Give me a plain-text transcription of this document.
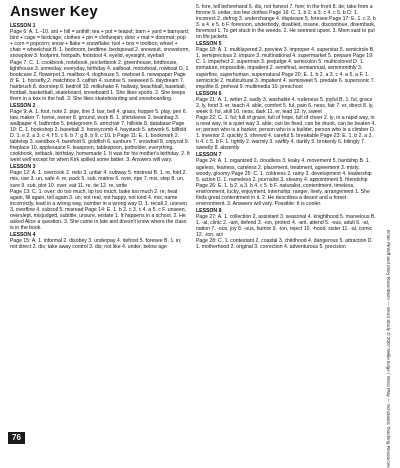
Answer Key
LESSON 1

Page 6: A. 1.–10. ant + hill = anthill; tea + pot = teapot; barn + yard = barnyard; bird + cage = birdcage; clothes + pin = clothespin; door + mat = doormat; pop + corn = popcorn; snow + flake = snowflake; tool + box = toolbox; wheel + chair = wheelchair B. 1. bedroom, bedtime, bedspread 2. snowsuit, snowstorm, snowplow 3. footprint, footpath, footstool 4. eyelid, eyesight, eyeball

Page 7: C. 1. cookbook, notebook, pocketbook 2. greenhouse, birdhouse, lighthouse 3. someday, everyday, birthday 4. sailboat, motorboat, rowboat D. 1. bookcase 2. flowerpot 3. mailbox 4. doghouse 5. rowboat 6. newspaper Page 8: E. 1. horsefly 2. matchbox 3. catfish 4. sunrise 5. seaweed 6. daydream 7. hairbrush 8. doorstep 9. bedroll 10. milkshake F. hallway, beachball, baseball, football, basketball, skateboard, snowboard 1. She likes sports. 2. She keeps them in a box in the hall. 3. She likes skateboarding and snowboarding.

LESSON 2

Page 9: A. 1. foot, note 2. pipe, line 3. bar, bell 4. grass, hopper 5. play, pen 6. law, maker 7. home, owner 8. ground, work B. 1. shirtsleeve 2. beanbag 3. wallpaper 4. bathrobe 5. bridegroom 6. armchair 7. hillside 8. database Page 10: C. 1. bookshop 2. baseball 3. honeycomb 4. haystack 5. artwork 6. billfold D. 1. e 2. a 3. c 4. f 5. c 6. b 7. g 8. b 9. c 10. b Page 11: E. 1. bookmark 2. tabletop 3. sandbox 4. barefoot 5. goldfish 6. sunburn 7. snowball 8. copycat 9. fireplace 10. applesauce F. teaspoon, tablespoon, potholder, everything, cookbook, setback, birthday, homemade 1. It was for his mother's birthday. 2. It went well except for when Kirk spilled some batter. 3. Answers will vary.

LESSON 3

Page 12: A. 1. overcook 2. redo 3. unfair 4. subway 5. mistreat B. 1. re, fold 2. mis, use 3. un, safe 4. re, pack 5. sub, marine 6. over, ripe 7. mis, step 8. un, sure 9. sub, plot 10. over, eat 11. re, tie 12. re, write

Page 13: C. 1. over; do too much, tip too much, bake too much 2. re; heat again, fill again, tell again 3. un; not real, not happy, not kind 4. mis; name incorrectly, lead in a wrong way, number in a wrong way D. 1. recall 2. uneven 3. overflow 4. subsoil 5. misread Page 14: E. 1. b 2. c 3. c 4. a 5. c F. unseen, overslept, misjudged, subtitle, unsure, restate 1. It happens in a school. 2. He asked Alice a question. 3. She came in late and doesn't know where the class is in the book.

LESSON 4

Page 15: A. 1. informal 2. disobey 3. underpay 4. defrost 5. foresee B. 1. in; not direct 2. dis; take away control 3. dis; not like 4. under, below age

5. fore, tell beforehand 6. dis, not honest 7. fore; in the front 8. de; take from a throne 9. under, too few clothes Page 16: C. 1. b 2. a 3. c 4. c 5. b D. 1. incorrect 2. defrog 3. underchange 4. displease 5. foresee Page 17: E. 1. c 2. b 3. a 4. e 5. b F. forenoon, underbody, disabled, insane, discontinue, disembark, foremost 1. To get stuck in the weeds. 2. He seemed upset. 3. Mom said to put on life jackets.

LESSON 5

Page 18: A. 1. multilayered 2. preview 3. improper 4. superstar 5. semicircle B. 1. semiprecious 2. impure 3. multinational 4. supermarket 5. prepare Page 19: C. 1. imperfect 2. superman 3. prejudge 4. semicolon 5. multicolored D. 1. immature, impossible, impatient 2. semifinal, semiannual, semimonthly 3. superfine, superhuman, supernatural Page 20: E. 1. b 2. a 3. c 4. a 5. a F. 1. semicircle 2. multicultural 3. impatient 4. semisweet 5. predate 6. supersonic 7. impolite 8. preheat 9. multimedia 10. preschool

LESSON 6

Page 21: A. 1. writer 2. sadly 3. washable 4. rudeness 5. joyful B. 1. ful, grace 2. ly, fond 3. er, teach 4. able, comfort 5. ful, pain 6. ness, fair 7. er, direct 8. ly, week 9. ful, skill 10. ness, dark 11. er, lead 12. ly, sweet

Page 22: C. 1. ful; full of grace, full of hope, full of cheer 2. ly; in a rapid way, in a neat way, in a quiet way 3. able; can be fixed, can be drunk, can be beaten 4. er; person who is a banker, person who is a builder, person who is a climber D. 1. inventor 2. quickly 3. shrewd 4. careful 5. breakable Page 23: E. 1. b 2. a 3. b 4. c 5. b F. 1. tightly 2. warmly 3. swiftly 4. darkly 5. brokenly 6. bitingly 7. sweetly 8. absently

LESSON 7

Page 24: A. 1. organized 2. cloudless 3. leaky 4. movement 5. hardship B. 1. ageless, fearless, careless 2. placement, treatment, agreement 3. misty, woody, gloomy Page 25: C. 1. coldness 2. rainy 3. development 4. leadership 5. action D. 1. nameless 2. journalist 3. steamy 4. appointment 5. friendship Page 26: E. 1. b 2. a 3. b 4. c 5. b F. naturalist, contentment, timeless, environment, lucky, enjoyment, internship, ranger, lively, arrangement 1. She finds great contentment in it. 2. He describes a desert and a forest environment. 3. Answers will vary. Possible: It is cooler.

LESSON 8

Page 27: A. 1. collection 2. assistant 3. seasonal 4. knighthood 5. marvelous B. 1. -al, clinic 2. -ant, defend 3. -ion, protect 4. -ant, attend 5. -ous, adult 6. -al, nation 7. -ous, joy 8. -ous, humor 9. -ion, reject 10. -hood, sister 11. -al, comic 12. -ion, act

Page 28: C. 1. contestant 2. coastal 3. childhood 4. dangerous 5. attraction D. 1. motherhood 2. original 3. correction 4. adventurous 5. precision	Ernie Pintoff and Mary Rosenblum — Word Study © 2007 Nellie Edge / Word Play — Scholastic Teaching Resources
76
